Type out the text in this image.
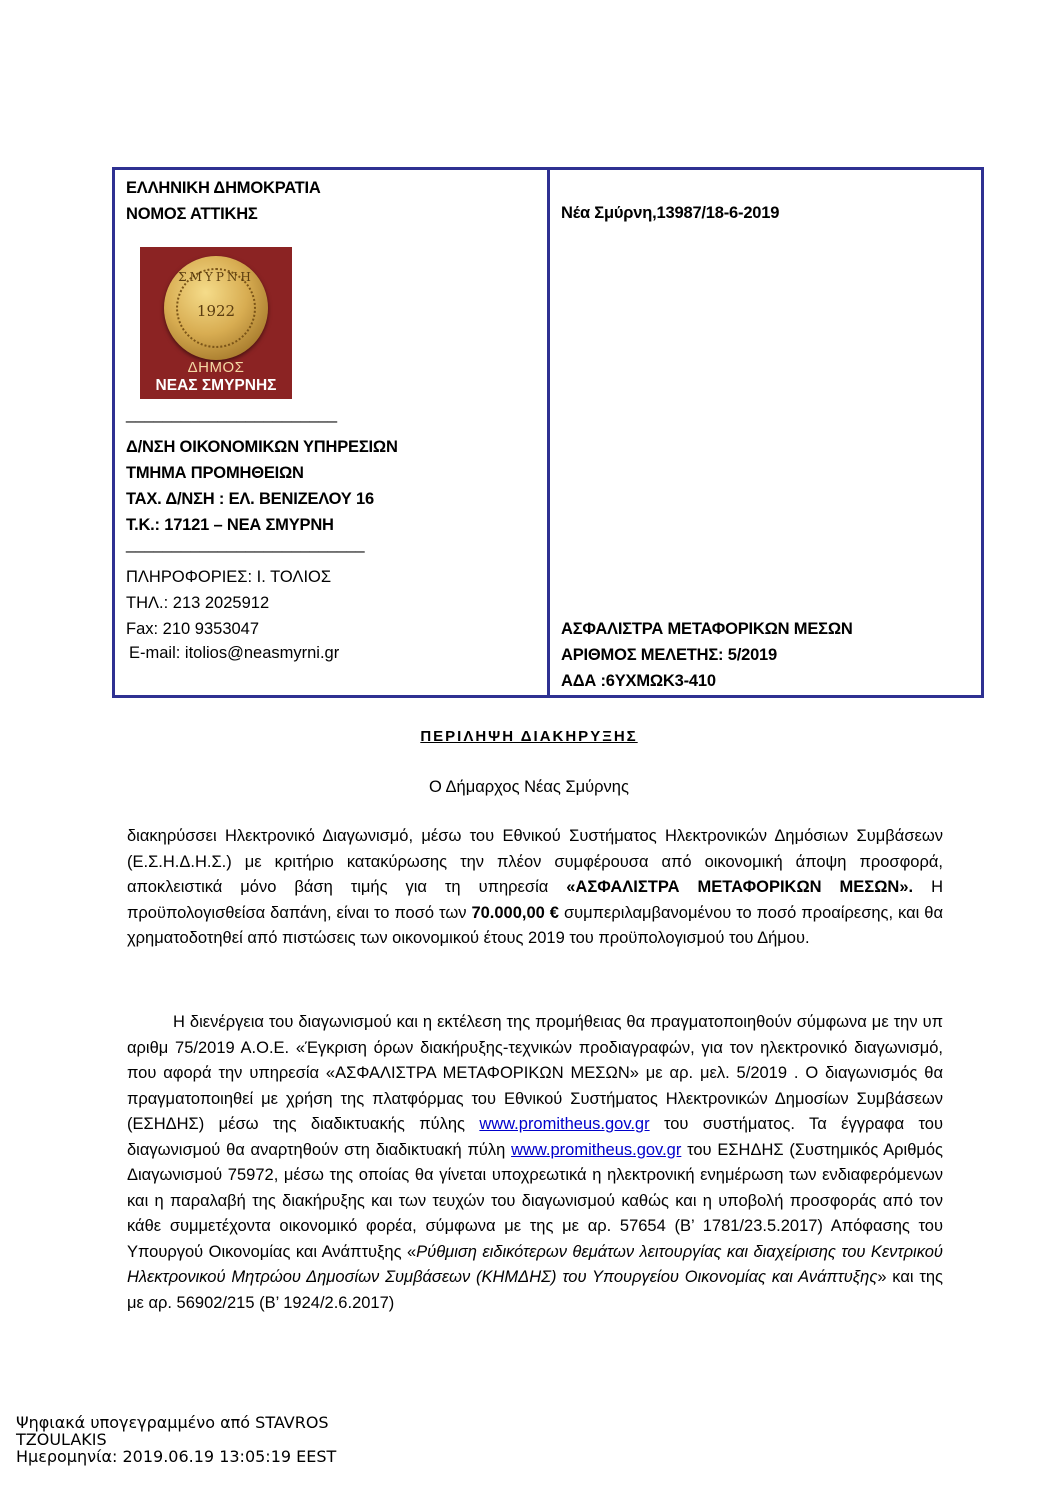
ΕΛΛΗΝΙΚΗ ΔΗΜΟΚΡΑΤΙΑ
ΝΟΜΟΣ ΑΤΤΙΚΗΣ
ΣΜΥΡΝΗ
1922
ΔΗΜΟΣ
ΝΕΑΣ ΣΜΥΡΝΗΣ
_______________________
Δ/ΝΣΗ ΟΙΚΟΝΟΜΙΚΩΝ ΥΠΗΡΕΣΙΩΝ
ΤΜΗΜΑ ΠΡΟΜΗΘΕΙΩΝ
ΤΑΧ. Δ/ΝΣΗ : ΕΛ. ΒΕΝΙΖΕΛΟΥ 16
Τ.Κ.: 17121 – ΝΕΑ ΣΜΥΡΝΗ
__________________________
ΠΛΗΡΟΦΟΡΙΕΣ: Ι. ΤΟΛΙΟΣ
ΤΗΛ.: 213 2025912
Fax: 210 9353047
E-mail: itolios@neasmyrni.gr
Νέα Σμύρνη,13987/18-6-2019
ΑΣΦΑΛΙΣΤΡΑ ΜΕΤΑΦΟΡΙΚΩΝ ΜΕΣΩΝ
ΑΡΙΘΜΟΣ ΜΕΛΕΤΗΣ: 5/2019
ΑΔΑ :6ΥΧΜΩΚ3-410
ΠΕΡΙΛΗΨΗ ΔΙΑΚΗΡΥΞΗΣ
Ο Δήμαρχος Νέας Σμύρνης
διακηρύσσει Ηλεκτρονικό Διαγωνισμό, μέσω του Εθνικού Συστήματος Ηλεκτρονικών Δημόσιων Συμβάσεων (Ε.Σ.Η.Δ.Η.Σ.) με κριτήριο κατακύρωσης την πλέον συμφέρουσα από οικονομική άποψη προσφορά, αποκλειστικά μόνο βάση τιμής για τη υπηρεσία «ΑΣΦΑΛΙΣΤΡΑ ΜΕΤΑΦΟΡΙΚΩΝ ΜΕΣΩΝ». Η προϋπολογισθείσα δαπάνη, είναι το ποσό των 70.000,00 € συμπεριλαμβανομένου το ποσό προαίρεσης, και θα χρηματοδοτηθεί από πιστώσεις των οικονομικού έτους 2019 του προϋπολογισμού του Δήμου.
Η διενέργεια του διαγωνισμού και η εκτέλεση της προμήθειας θα πραγματοποιηθούν σύμφωνα με την υπ αριθμ 75/2019 Α.Ο.Ε. «Έγκριση όρων διακήρυξης-τεχνικών προδιαγραφών, για τον ηλεκτρονικό διαγωνισμό, που αφορά την υπηρεσία «ΑΣΦΑΛΙΣΤΡΑ ΜΕΤΑΦΟΡΙΚΩΝ ΜΕΣΩΝ» με αρ. μελ. 5/2019 . Ο διαγωνισμός θα πραγματοποιηθεί με χρήση της πλατφόρμας του Εθνικού Συστήματος Ηλεκτρονικών Δημοσίων Συμβάσεων (ΕΣΗΔΗΣ) μέσω της διαδικτυακής πύλης www.promitheus.gov.gr του συστήματος. Τα έγγραφα του διαγωνισμού θα αναρτηθούν στη διαδικτυακή πύλη www.promitheus.gov.gr του ΕΣΗΔΗΣ (Συστημικός Αριθμός Διαγωνισμού 75972, μέσω της οποίας θα γίνεται υποχρεωτικά η ηλεκτρονική ενημέρωση των ενδιαφερόμενων και η παραλαβή της διακήρυξης και των τευχών του διαγωνισμού καθώς και η υποβολή προσφοράς από τον κάθε συμμετέχοντα οικονομικό φορέα, σύμφωνα με της με αρ. 57654 (Β’ 1781/23.5.2017) Απόφασης του Υπουργού Οικονομίας και Ανάπτυξης «Ρύθμιση ειδικότερων θεμάτων λειτουργίας και διαχείρισης του Κεντρικού Ηλεκτρονικού Μητρώου Δημοσίων Συμβάσεων (ΚΗΜΔΗΣ) του Υπουργείου Οικονομίας και Ανάπτυξης» και της με αρ. 56902/215 (Β’ 1924/2.6.2017)
Ψηφιακά υπογεγραμμένο από STAVROS
TZOULAKIS
Ημερομηνία: 2019.06.19 13:05:19 EEST
